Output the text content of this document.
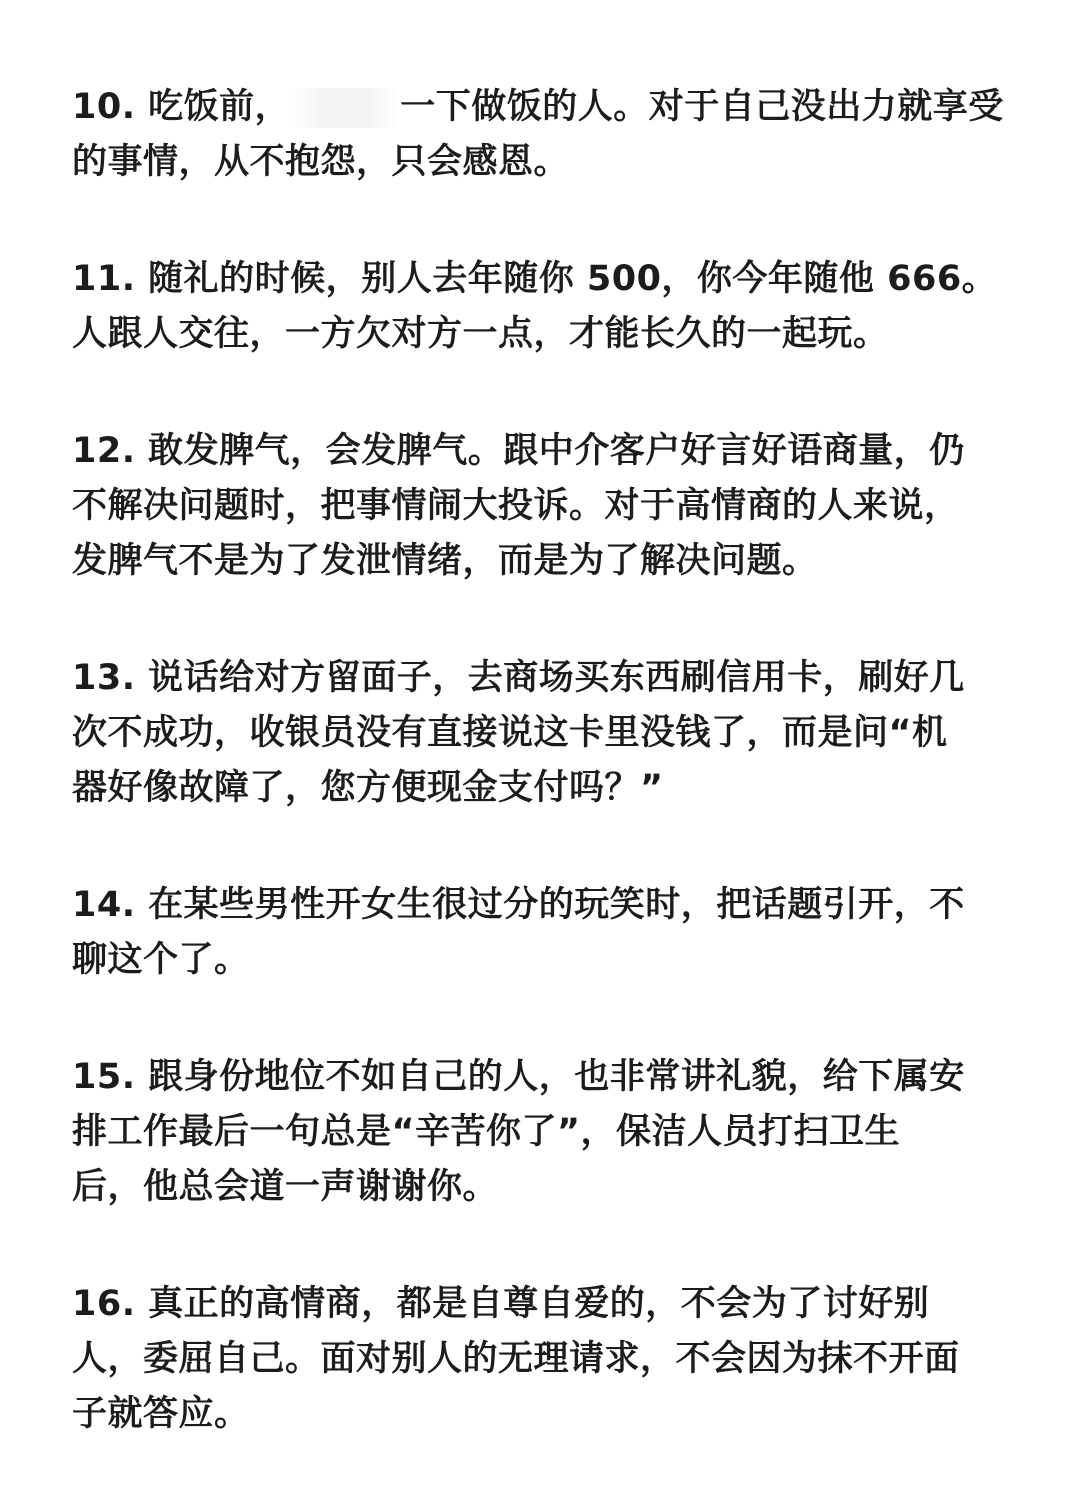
10. 吃饭前，	一下做饭的人。对于自己没出力就享受
的事情，从不抱怨，只会感恩。
11. 随礼的时候，别人去年随你 500，你今年随他 666。
人跟人交往，一方欠对方一点，才能长久的一起玩。
12. 敢发脾气，会发脾气。跟中介客户好言好语商量，仍
不解决问题时，把事情闹大投诉。对于高情商的人来说，
发脾气不是为了发泄情绪，而是为了解决问题。
13. 说话给对方留面子，去商场买东西刷信用卡，刷好几
次不成功，收银员没有直接说这卡里没钱了，而是问“机
器好像故障了，您方便现金支付吗？”
14. 在某些男性开女生很过分的玩笑时，把话题引开，不
聊这个了。
15. 跟身份地位不如自己的人，也非常讲礼貌，给下属安
排工作最后一句总是“辛苦你了”，保洁人员打扫卫生
后，他总会道一声谢谢你。
16. 真正的高情商，都是自尊自爱的，不会为了讨好别
人，委屈自己。面对别人的无理请求，不会因为抹不开面
子就答应。
